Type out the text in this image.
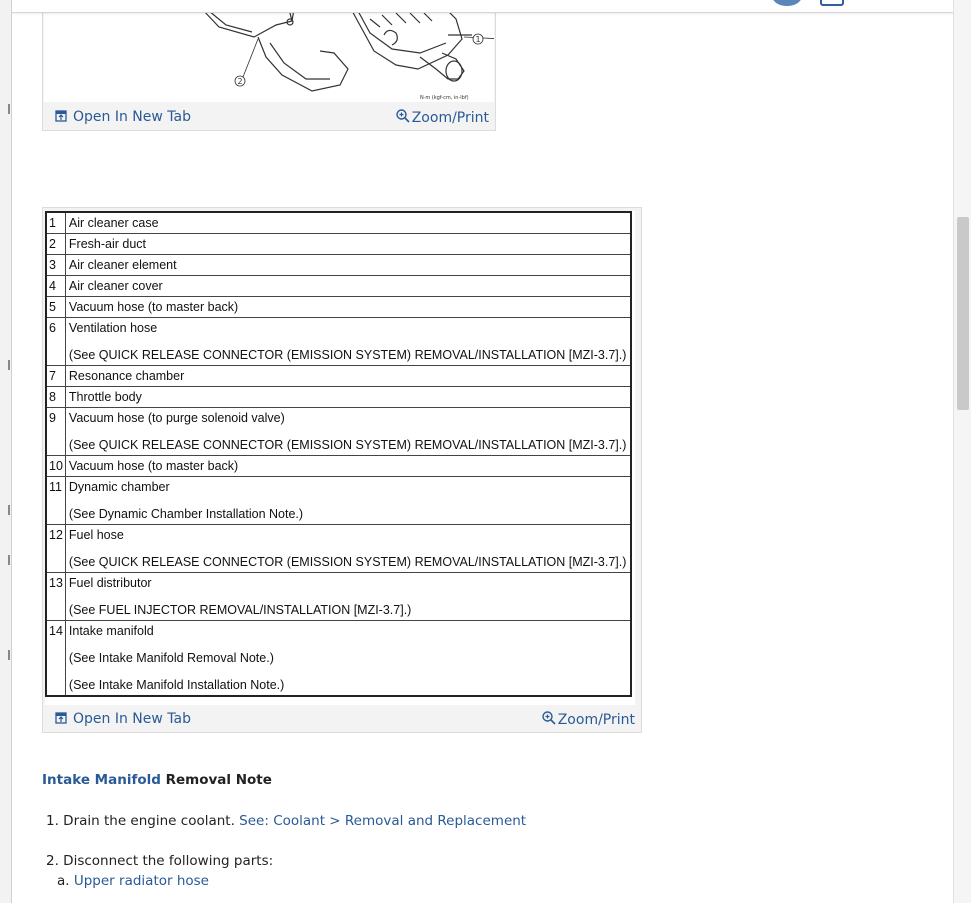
1
2
N·m (kgf-cm, in-lbf)
Open In New Tab	Zoom/Print
1	Air cleaner case

2	Fresh-air duct

3	Air cleaner element

4	Air cleaner cover

5	Vacuum hose (to master back)

6	Ventilation hose
(See QUICK RELEASE CONNECTOR (EMISSION SYSTEM) REMOVAL/INSTALLATION [MZI-3.7].)

7	Resonance chamber

8	Throttle body

9	Vacuum hose (to purge solenoid valve)
(See QUICK RELEASE CONNECTOR (EMISSION SYSTEM) REMOVAL/INSTALLATION [MZI-3.7].)

10	Vacuum hose (to master back)

11	Dynamic chamber
(See Dynamic Chamber Installation Note.)

12	Fuel hose
(See QUICK RELEASE CONNECTOR (EMISSION SYSTEM) REMOVAL/INSTALLATION [MZI-3.7].)

13	Fuel distributor
(See FUEL INJECTOR REMOVAL/INSTALLATION [MZI-3.7].)

14	Intake manifold
(See Intake Manifold Removal Note.)
(See Intake Manifold Installation Note.)
Open In New Tab	Zoom/Print
Intake Manifold Removal Note
1. Drain the engine coolant. See: Coolant > Removal and Replacement
2. Disconnect the following parts:
a. Upper radiator hose
